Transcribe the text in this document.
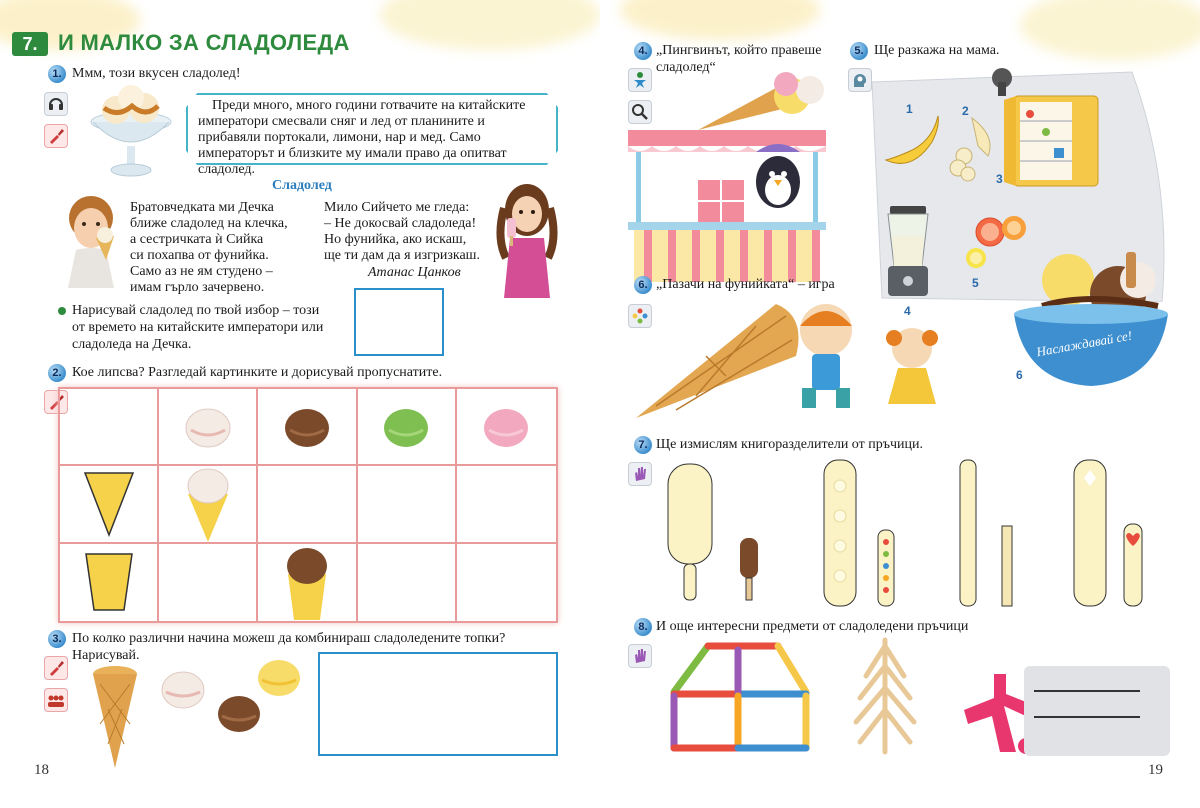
7. И МАЛКО ЗА СЛАДОЛЕДА
1. Ммм, този вкусен сладолед!
Преди много, много години готвачите на китайските императори смесвали сняг и лед от планините и прибавяли портокали, лимони, нар и мед. Само императорът и близките му имали право да опитват сладолед.
Сладолед
Братовчедката ми Дечка
ближе сладолед на клечка,
а сестричката ѝ Сийка
си похапва от фунийка.
Само аз не ям студено –
имам гърло зачервено.
Мило Сийчето ме гледа:
– Не докосвай сладоледа!
Но фунийка, ако искаш,
ще ти дам да я изгризкаш.
Атанас Цанков
Нарисувай сладолед по твой избор – този от времето на китайските императори или сладоледа на Дечка.
2. Кое липсва? Разгледай картинките и дорисувай пропуснатите.
3. По колко различни начина можеш да комбинираш сладоледените топки? Нарисувай.
18
4. „Пингвинът, който правеше сладолед“
5. Ще разкажа на мама.
1	2
3
4
5
Наслаждавай се!
6
6. „Пазачи на фунийката“ – игра
7. Ще измислям книгоразделители от пръчици.
8. И още интересни предмети от сладоледени пръчици
19
